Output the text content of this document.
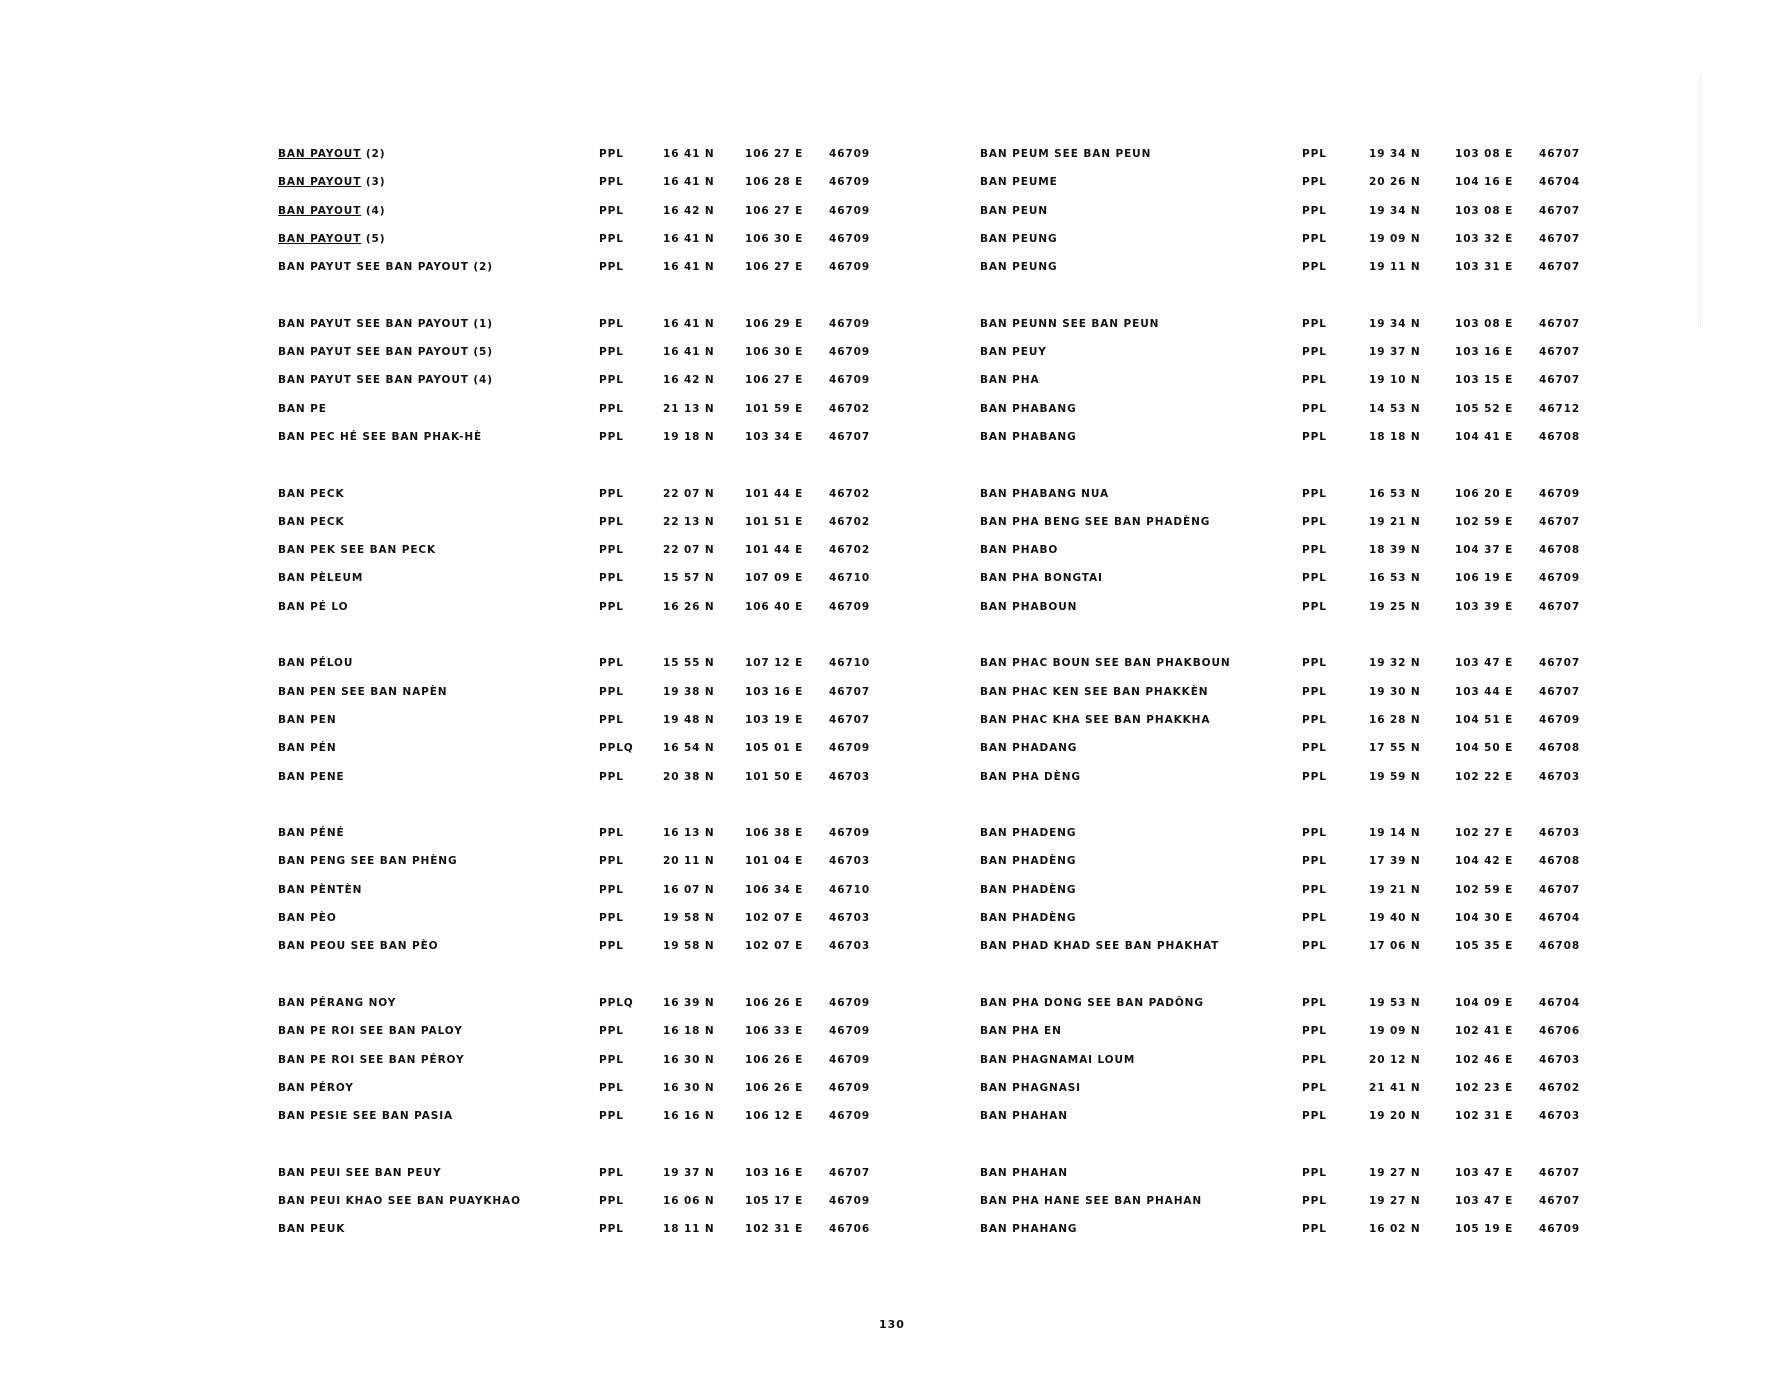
BAN PAYOUT (2)	PPL	16 41 N	106 27 E 46709
BAN PAYOUT (3)	PPL	16 41 N	106 28 E 46709
BAN PAYOUT (4)	PPL	16 42 N	106 27 E 46709
BAN PAYOUT (5)	PPL	16 41 N	106 30 E 46709
BAN PAYUT SEE BAN PAYOUT (2)	PPL	16 41 N	106 27 E 46709
BAN PAYUT SEE BAN PAYOUT (1)	PPL	16 41 N	106 29 E 46709
BAN PAYUT SEE BAN PAYOUT (5)	PPL	16 41 N	106 30 E 46709
BAN PAYUT SEE BAN PAYOUT (4)	PPL	16 42 N	106 27 E 46709
BAN PE	PPL	21 13 N	101 59 E 46702
BAN PEC HÉ SEE BAN PHAK-HÈ	PPL	19 18 N	103 34 E 46707
BAN PECK	PPL	22 07 N	101 44 E 46702
BAN PECK	PPL	22 13 N	101 51 E 46702
BAN PEK SEE BAN PECK	PPL	22 07 N	101 44 E 46702
BAN PÈLEUM	PPL	15 57 N	107 09 E 46710
BAN PÉ LO	PPL	16 26 N	106 40 E 46709
BAN PÉLOU	PPL	15 55 N	107 12 E 46710
BAN PEN SEE BAN NAPÈN	PPL	19 38 N	103 16 E 46707
BAN PEN	PPL	19 48 N	103 19 E 46707
BAN PÉN	PPLQ	16 54 N	105 01 E 46709
BAN PENE	PPL	20 38 N	101 50 E 46703
BAN PÉNÉ	PPL	16 13 N	106 38 E 46709
BAN PENG SEE BAN PHÈNG	PPL	20 11 N	101 04 E 46703
BAN PÈNTÈN	PPL	16 07 N	106 34 E 46710
BAN PÈO	PPL	19 58 N	102 07 E 46703
BAN PEOU SEE BAN PÈO	PPL	19 58 N	102 07 E 46703
BAN PÉRANG NOY	PPLQ	16 39 N	106 26 E 46709
BAN PE ROI SEE BAN PALOY	PPL	16 18 N	106 33 E 46709
BAN PE ROI SEE BAN PÉROY	PPL	16 30 N	106 26 E 46709
BAN PÉROY	PPL	16 30 N	106 26 E 46709
BAN PESIE SEE BAN PASIA	PPL	16 16 N	106 12 E 46709
BAN PEUI SEE BAN PEUY	PPL	19 37 N	103 16 E 46707
BAN PEUI KHAO SEE BAN PUAYKHAO	PPL	16 06 N	105 17 E 46709
BAN PEUK	PPL	18 11 N	102 31 E 46706
BAN PEUM SEE BAN PEUN	PPL	19 34 N	103 08 E 46707
BAN PEUME	PPL	20 26 N	104 16 E 46704
BAN PEUN	PPL	19 34 N	103 08 E 46707
BAN PEUNG	PPL	19 09 N	103 32 E 46707
BAN PEUNG	PPL	19 11 N	103 31 E 46707
BAN PEUNN SEE BAN PEUN	PPL	19 34 N	103 08 E 46707
BAN PEUY	PPL	19 37 N	103 16 E 46707
BAN PHA	PPL	19 10 N	103 15 E 46707
BAN PHABANG	PPL	14 53 N	105 52 E 46712
BAN PHABANG	PPL	18 18 N	104 41 E 46708
BAN PHABANG NUA	PPL	16 53 N	106 20 E 46709
BAN PHA BENG SEE BAN PHADÈNG	PPL	19 21 N	102 59 E 46707
BAN PHABO	PPL	18 39 N	104 37 E 46708
BAN PHA BONGTAI	PPL	16 53 N	106 19 E 46709
BAN PHABOUN	PPL	19 25 N	103 39 E 46707
BAN PHAC BOUN SEE BAN PHAKBOUN	PPL	19 32 N	103 47 E 46707
BAN PHAC KEN SEE BAN PHAKKÈN	PPL	19 30 N	103 44 E 46707
BAN PHAC KHA SEE BAN PHAKKHA	PPL	16 28 N	104 51 E 46709
BAN PHADANG	PPL	17 55 N	104 50 E 46708
BAN PHA DÈNG	PPL	19 59 N	102 22 E 46703
BAN PHADENG	PPL	19 14 N	102 27 E 46703
BAN PHADÈNG	PPL	17 39 N	104 42 E 46708
BAN PHADÈNG	PPL	19 21 N	102 59 E 46707
BAN PHADÈNG	PPL	19 40 N	104 30 E 46704
BAN PHAD KHAD SEE BAN PHAKHAT	PPL	17 06 N	105 35 E 46708
BAN PHA DONG SEE BAN PADÔNG	PPL	19 53 N	104 09 E 46704
BAN PHA EN	PPL	19 09 N	102 41 E 46706
BAN PHAGNAMAI LOUM	PPL	20 12 N	102 46 E 46703
BAN PHAGNASI	PPL	21 41 N	102 23 E 46702
BAN PHAHAN	PPL	19 20 N	102 31 E 46703
BAN PHAHAN	PPL	19 27 N	103 47 E 46707
BAN PHA HANE SEE BAN PHAHAN	PPL	19 27 N	103 47 E 46707
BAN PHAHANG	PPL	16 02 N	105 19 E 46709
130
